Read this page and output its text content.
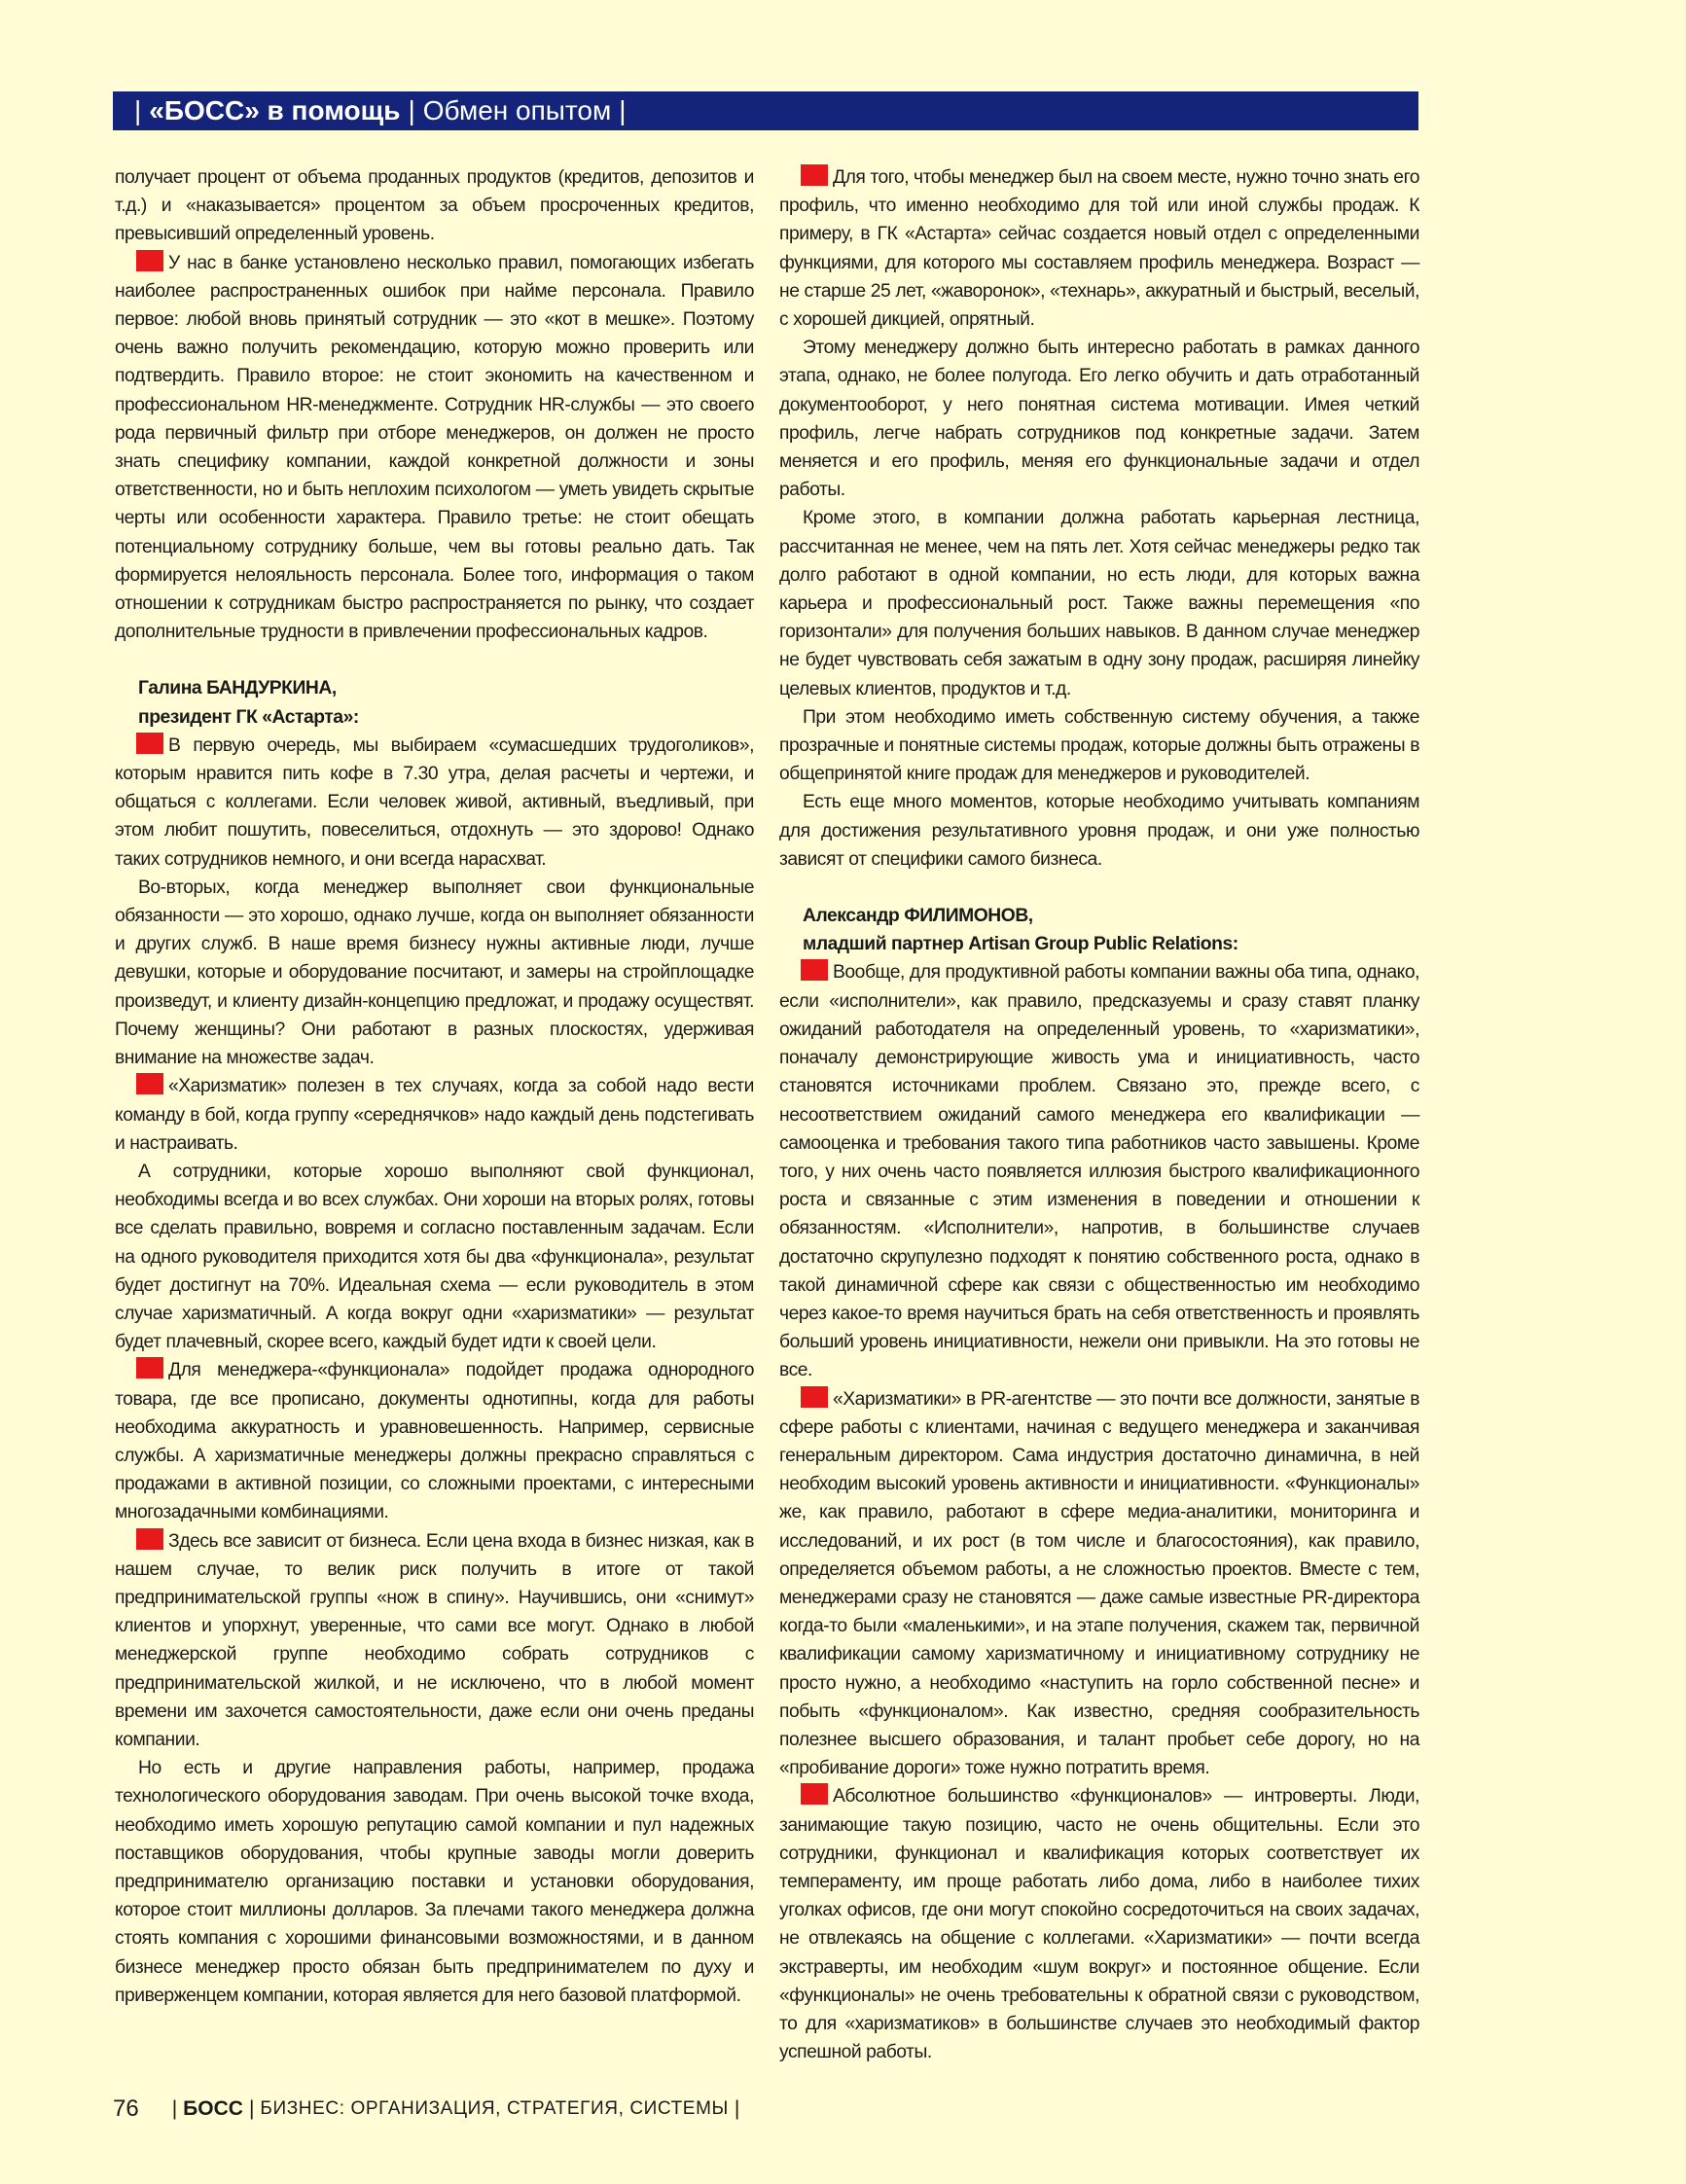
| «БОСС» в помощь | Обмен опытом |

получает процент от объема проданных продуктов (кредитов, депозитов и т.д.) и «наказывается» процентом за объем просроченных кредитов, превысивший определенный уровень.

У нас в банке установлено несколько правил, помогающих избегать наиболее распространенных ошибок при найме персонала. Правило первое: любой вновь принятый сотрудник — это «кот в мешке». Поэтому очень важно получить рекомендацию, которую можно проверить или подтвердить. Правило второе: не стоит экономить на качественном и профессиональном HR-менеджменте. Сотрудник HR-службы — это своего рода первичный фильтр при отборе менеджеров, он должен не просто знать специфику компании, каждой конкретной должности и зоны ответственности, но и быть неплохим психологом — уметь увидеть скрытые черты или особенности характера. Правило третье: не стоит обещать потенциальному сотруднику больше, чем вы готовы реально дать. Так формируется нелояльность персонала. Более того, информация о таком отношении к сотрудникам быстро распространяется по рынку, что создает дополнительные трудности в привлечении профессиональных кадров.

Галина БАНДУРКИНА,
президент ГК «Астарта»:

В первую очередь, мы выбираем «сумасшедших трудоголиков», которым нравится пить кофе в 7.30 утра, делая расчеты и чертежи, и общаться с коллегами. Если человек живой, активный, въедливый, при этом любит пошутить, повеселиться, отдохнуть — это здорово! Однако таких сотрудников немного, и они всегда нарасхват.

Во-вторых, когда менеджер выполняет свои функциональные обязанности — это хорошо, однако лучше, когда он выполняет обязанности и других служб. В наше время бизнесу нужны активные люди, лучше девушки, которые и оборудование посчитают, и замеры на стройплощадке произведут, и клиенту дизайн-концепцию предложат, и продажу осуществят. Почему женщины? Они работают в разных плоскостях, удерживая внимание на множестве задач.

«Харизматик» полезен в тех случаях, когда за собой надо вести команду в бой, когда группу «середнячков» надо каждый день подстегивать и настраивать.

А сотрудники, которые хорошо выполняют свой функционал, необходимы всегда и во всех службах. Они хороши на вторых ролях, готовы все сделать правильно, вовремя и согласно поставленным задачам. Если на одного руководителя приходится хотя бы два «функционала», результат будет достигнут на 70%. Идеальная схема — если руководитель в этом случае харизматичный. А когда вокруг одни «харизматики» — результат будет плачевный, скорее всего, каждый будет идти к своей цели.

Для менеджера-«функционала» подойдет продажа однородного товара, где все прописано, документы однотипны, когда для работы необходима аккуратность и уравновешенность. Например, сервисные службы. А харизматичные менеджеры должны прекрасно справляться с продажами в активной позиции, со сложными проектами, с интересными многозадачными комбинациями.

Здесь все зависит от бизнеса. Если цена входа в бизнес низкая, как в нашем случае, то велик риск получить в итоге от такой предпринимательской группы «нож в спину». Научившись, они «снимут» клиентов и упорхнут, уверенные, что сами все могут. Однако в любой менеджерской группе необходимо собрать сотрудников с предпринимательской жилкой, и не исключено, что в любой момент времени им захочется самостоятельности, даже если они очень преданы компании.

Но есть и другие направления работы, например, продажа технологического оборудования заводам. При очень высокой точке входа, необходимо иметь хорошую репутацию самой компании и пул надежных поставщиков оборудования, чтобы крупные заводы могли доверить предпринимателю организацию поставки и установки оборудования, которое стоит миллионы долларов. За плечами такого менеджера должна стоять компания с хорошими финансовыми возможностями, и в данном бизнесе менеджер просто обязан быть предпринимателем по духу и приверженцем компании, которая является для него базовой платформой.

Для того, чтобы менеджер был на своем месте, нужно точно знать его профиль, что именно необходимо для той или иной службы продаж. К примеру, в ГК «Астарта» сейчас создается новый отдел с определенными функциями, для которого мы составляем профиль менеджера. Возраст — не старше 25 лет, «жаворонок», «технарь», аккуратный и быстрый, веселый, с хорошей дикцией, опрятный.

Этому менеджеру должно быть интересно работать в рамках данного этапа, однако, не более полугода. Его легко обучить и дать отработанный документооборот, у него понятная система мотивации. Имея четкий профиль, легче набрать сотрудников под конкретные задачи. Затем меняется и его профиль, меняя его функциональные задачи и отдел работы.

Кроме этого, в компании должна работать карьерная лестница, рассчитанная не менее, чем на пять лет. Хотя сейчас менеджеры редко так долго работают в одной компании, но есть люди, для которых важна карьера и профессиональный рост. Также важны перемещения «по горизонтали» для получения больших навыков. В данном случае менеджер не будет чувствовать себя зажатым в одну зону продаж, расширяя линейку целевых клиентов, продуктов и т.д.

При этом необходимо иметь собственную систему обучения, а также прозрачные и понятные системы продаж, которые должны быть отражены в общепринятой книге продаж для менеджеров и руководителей.

Есть еще много моментов, которые необходимо учитывать компаниям для достижения результативного уровня продаж, и они уже полностью зависят от специфики самого бизнеса.

Александр ФИЛИМОНОВ,
младший партнер Artisan Group Public Relations:

Вообще, для продуктивной работы компании важны оба типа, однако, если «исполнители», как правило, предсказуемы и сразу ставят планку ожиданий работодателя на определенный уровень, то «харизматики», поначалу демонстрирующие живость ума и инициативность, часто становятся источниками проблем. Связано это, прежде всего, с несоответствием ожиданий самого менеджера его квалификации — самооценка и требования такого типа работников часто завышены. Кроме того, у них очень часто появляется иллюзия быстрого квалификационного роста и связанные с этим изменения в поведении и отношении к обязанностям. «Исполнители», напротив, в большинстве случаев достаточно скрупулезно подходят к понятию собственного роста, однако в такой динамичной сфере как связи с общественностью им необходимо через какое-то время научиться брать на себя ответственность и проявлять больший уровень инициативности, нежели они привыкли. На это готовы не все.

«Харизматики» в PR-агентстве — это почти все должности, занятые в сфере работы с клиентами, начиная с ведущего менеджера и заканчивая генеральным директором. Сама индустрия достаточно динамична, в ней необходим высокий уровень активности и инициативности. «Функционалы» же, как правило, работают в сфере медиа-аналитики, мониторинга и исследований, и их рост (в том числе и благосостояния), как правило, определяется объемом работы, а не сложностью проектов. Вместе с тем, менеджерами сразу не становятся — даже самые известные PR-директора когда-то были «маленькими», и на этапе получения, скажем так, первичной квалификации самому харизматичному и инициативному сотруднику не просто нужно, а необходимо «наступить на горло собственной песне» и побыть «функционалом». Как известно, средняя сообразительность полезнее высшего образования, и талант пробьет себе дорогу, но на «пробивание дороги» тоже нужно потратить время.

Абсолютное большинство «функционалов» — интроверты. Люди, занимающие такую позицию, часто не очень общительны. Если это сотрудники, функционал и квалификация которых соответствует их темпераменту, им проще работать либо дома, либо в наиболее тихих уголках офисов, где они могут спокойно сосредоточиться на своих задачах, не отвлекаясь на общение с коллегами. «Харизматики» — почти всегда экстраверты, им необходим «шум вокруг» и постоянное общение. Если «функционалы» не очень требовательны к обратной связи с руководством, то для «харизматиков» в большинстве случаев это необходимый фактор успешной работы.

76 | БОСС | БИЗНЕС: ОРГАНИЗАЦИЯ, СТРАТЕГИЯ, СИСТЕМЫ |
